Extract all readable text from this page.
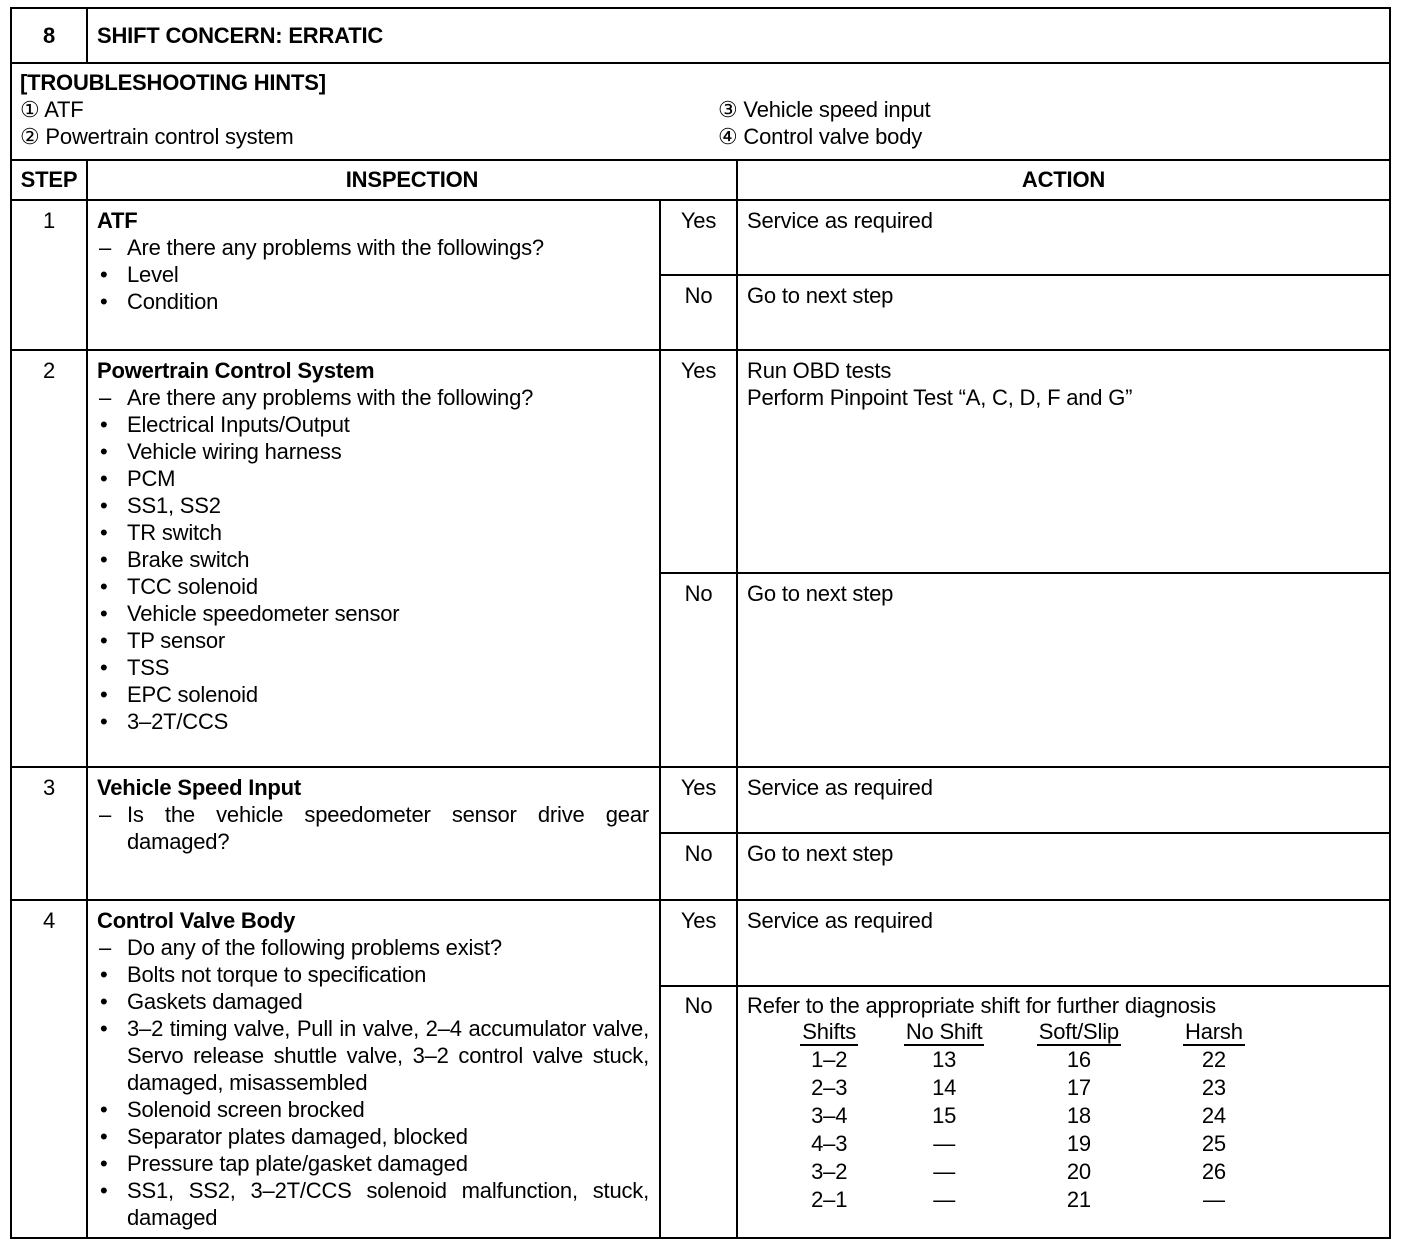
8	SHIFT CONCERN: ERRATIC
[TROUBLESHOOTING HINTS]
① ATF
② Powertrain control system
③ Vehicle speed input
④ Control valve body
STEP	INSPECTION	ACTION
1	ATF
– Are there any problems with the followings?
• Level
• Condition
Yes	Service as required
No	Go to next step
2	Powertrain Control System
– Are there any problems with the following?
• Electrical Inputs/Output
• Vehicle wiring harness
• PCM
• SS1, SS2
• TR switch
• Brake switch
• TCC solenoid
• Vehicle speedometer sensor
• TP sensor
• TSS
• EPC solenoid
• 3–2T/CCS
Yes	Run OBD tests
Perform Pinpoint Test “A, C, D, F and G”
No	Go to next step
3	Vehicle Speed Input
– Is the vehicle speedometer sensor drive gear damaged?
Yes	Service as required
No	Go to next step
4	Control Valve Body
– Do any of the following problems exist?
• Bolts not torque to specification
• Gaskets damaged
• 3–2 timing valve, Pull in valve, 2–4 accumulator valve, Servo release shuttle valve, 3–2 control valve stuck, damaged, misassembled
• Solenoid screen brocked
• Separator plates damaged, blocked
• Pressure tap plate/gasket damaged
• SS1, SS2, 3–2T/CCS solenoid malfunction, stuck, damaged
Yes	Service as required
No	Refer to the appropriate shift for further diagnosis
Shifts	No Shift	Soft/Slip	Harsh
1–2	13	16	22
2–3	14	17	23
3–4	15	18	24
4–3	—	19	25
3–2	—	20	26
2–1	—	21	—
